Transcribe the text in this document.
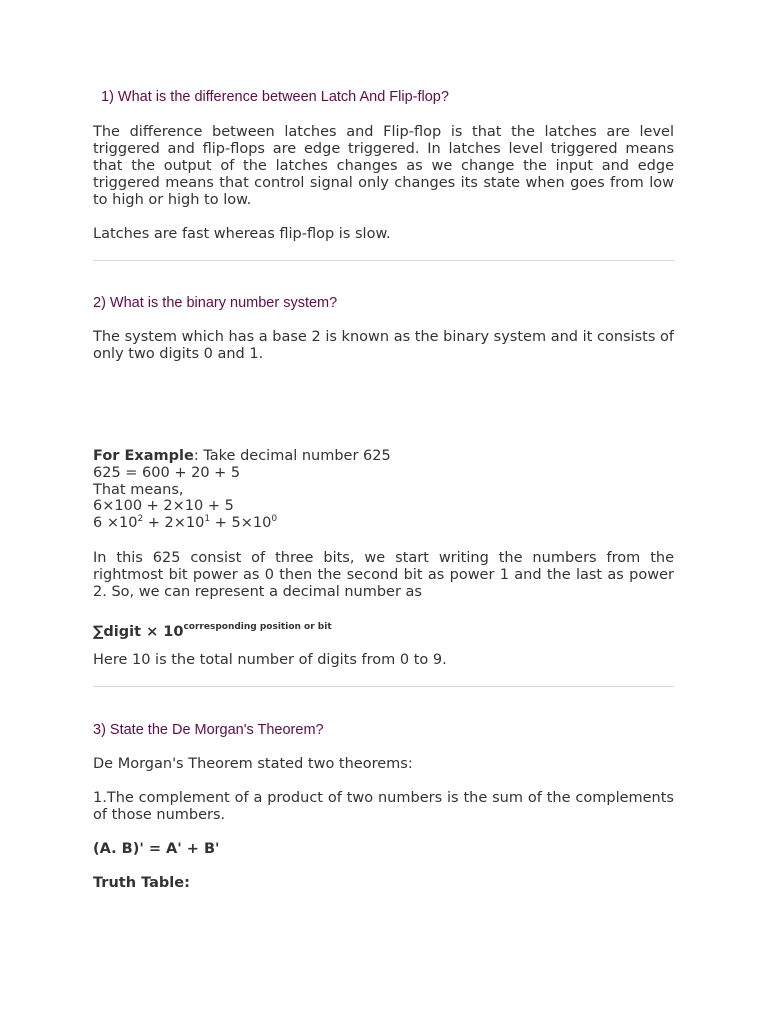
1) What is the difference between Latch And Flip-flop?

The difference between latches and Flip-flop is that the latches are level triggered and flip-flops are edge triggered. In latches level triggered means that the output of the latches changes as we change the input and edge triggered means that control signal only changes its state when goes from low to high or high to low.

Latches are fast whereas flip-flop is slow.

2) What is the binary number system?

The system which has a base 2 is known as the binary system and it consists of only two digits 0 and 1.

For Example: Take decimal number 625
625 = 600 + 20 + 5
That means,
6×100 + 2×10 + 5
$6 \times 10^2 + 2\times 10^1 + 5\times 10^0$

In this 625 consist of three bits, we start writing the numbers from the rightmost bit power as 0 then the second bit as power 1 and the last as power 2. So, we can represent a decimal number as

∑digit × $10^{corresponding position or bit}$

Here 10 is the total number of digits from 0 to 9.

3) State the De Morgan's Theorem?

De Morgan's Theorem stated two theorems:

1.The complement of a product of two numbers is the sum of the complements of those numbers.

(A. B)' = A' + B'
Truth Table:
